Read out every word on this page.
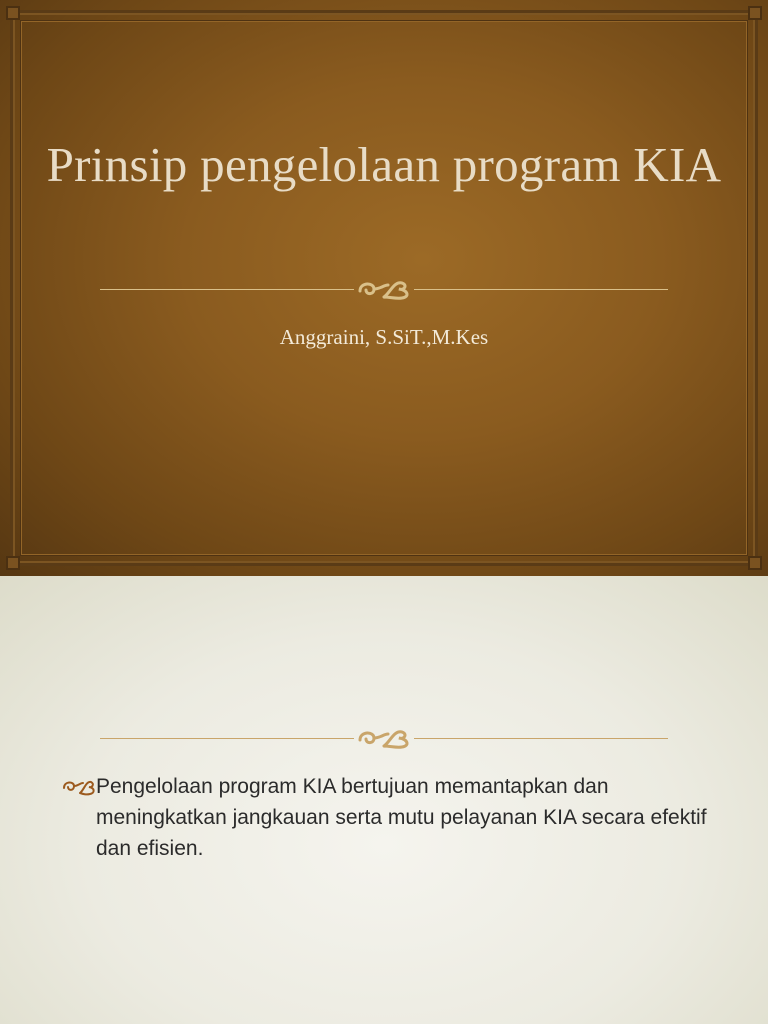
Prinsip pengelolaan program KIA
Anggraini, S.SiT.,M.Kes
Pengelolaan program KIA bertujuan memantapkan dan meningkatkan jangkauan serta mutu pelayanan KIA secara efektif dan efisien.
